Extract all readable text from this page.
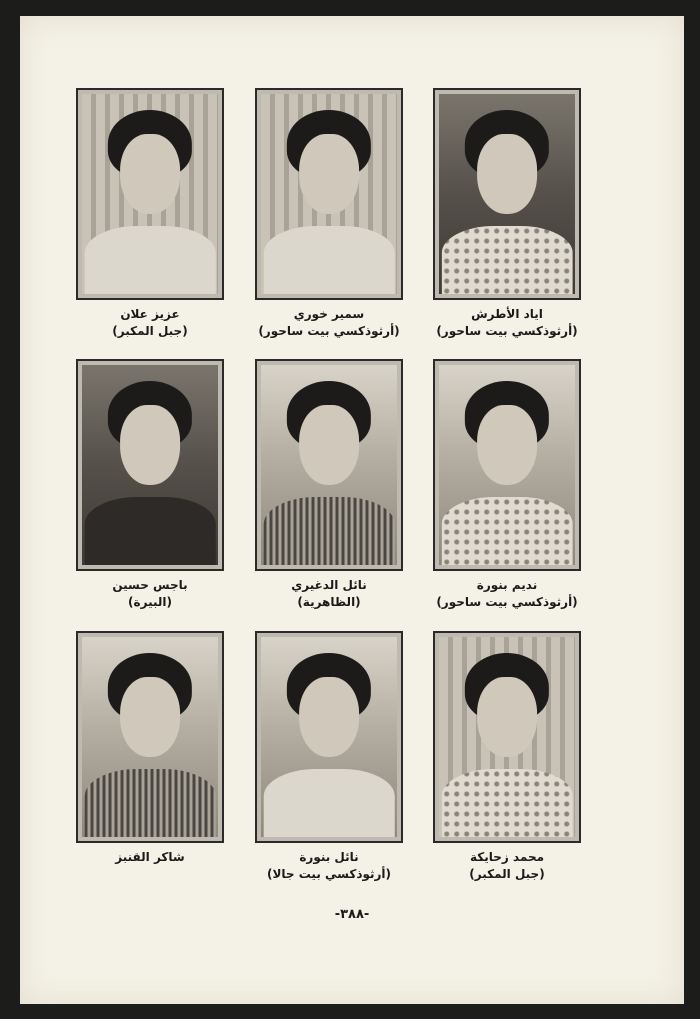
عزيز علان
(جبل المكبر)
سمير خوري
(أرثوذكسي بيت ساحور)
اياد الأطرش
(أرثوذكسي بيت ساحور)
باجس حسين
(البيرة)
نائل الدغيري
(الظاهرية)
نديم بنورة
(أرثوذكسي بيت ساحور)
شاكر القنبز	نائل بنورة
(أرثوذكسي بيت جالا)
محمد زحايكة
(جبل المكبر)
-٣٨٨-
